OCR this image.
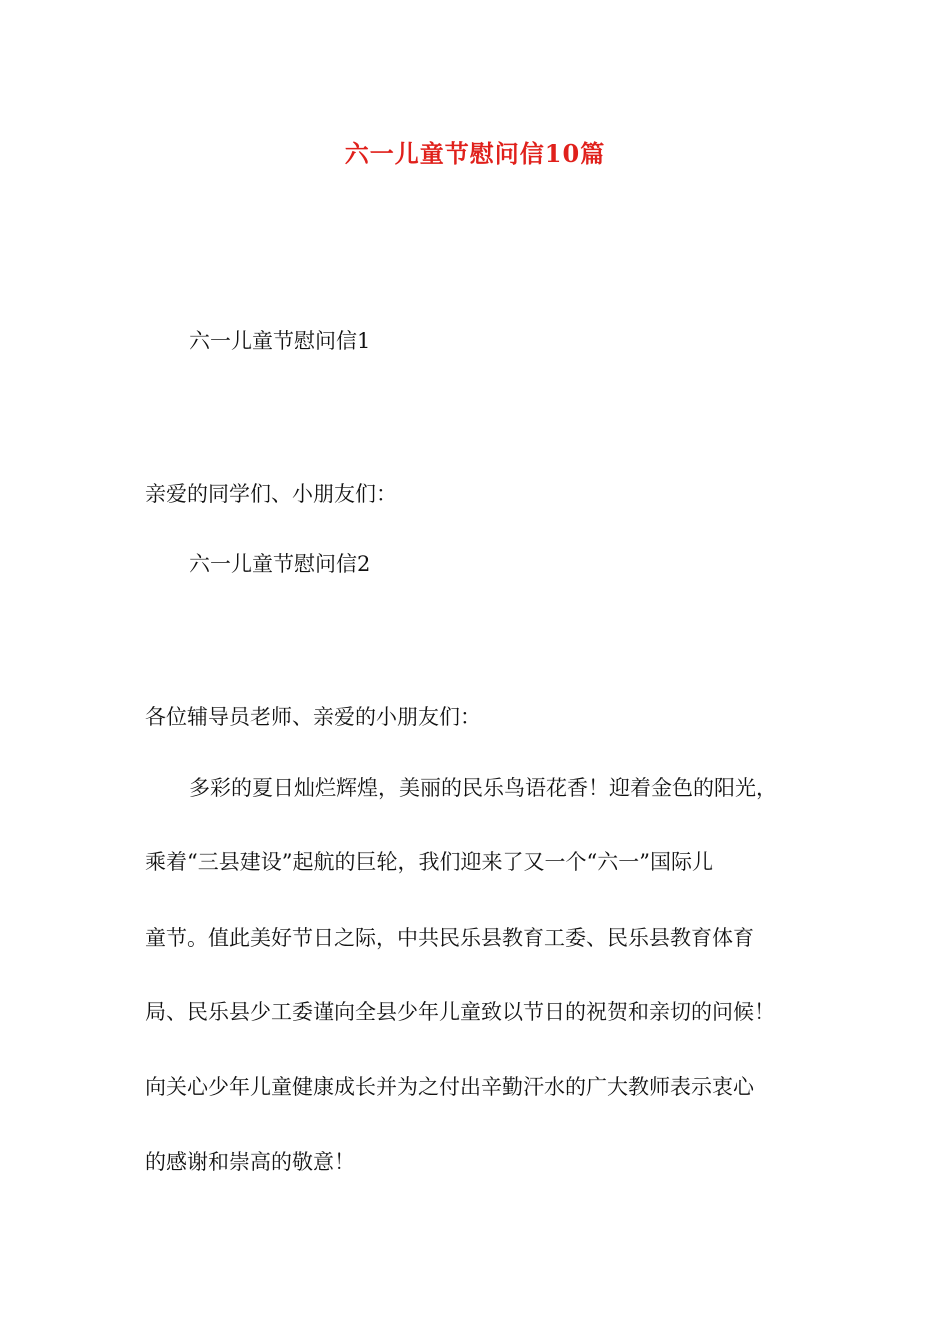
六一儿童节慰问信10篇
六一儿童节慰问信1
亲爱的同学们、小朋友们：
六一儿童节慰问信2
各位辅导员老师、亲爱的小朋友们：
多彩的夏日灿烂辉煌，美丽的民乐鸟语花香！迎着金色的阳光，
乘着“三县建设”起航的巨轮，我们迎来了又一个“六一”国际儿
童节。值此美好节日之际，中共民乐县教育工委、民乐县教育体育
局、民乐县少工委谨向全县少年儿童致以节日的祝贺和亲切的问候！
向关心少年儿童健康成长并为之付出辛勤汗水的广大教师表示衷心
的感谢和崇高的敬意！
